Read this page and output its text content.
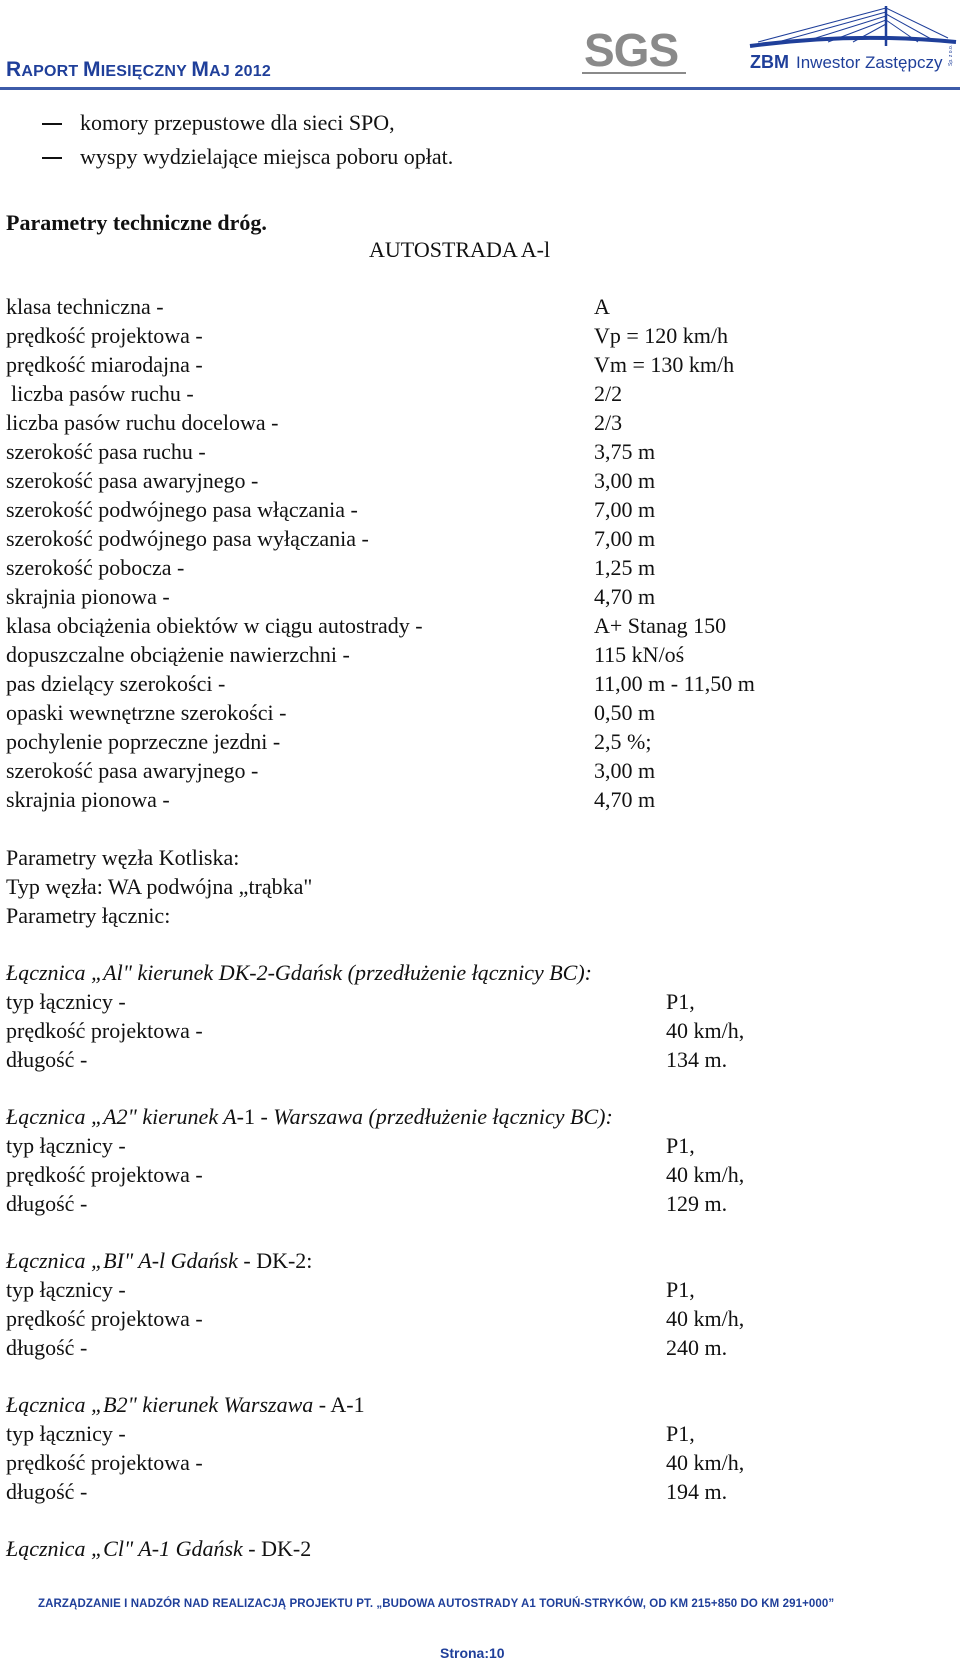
RAPORT MIESIĘCZNY MAJ 2012	SGS	ZBM Inwestor Zastępczy Sp. z o.o.
komory przepustowe dla sieci SPO,
wyspy wydzielające miejsca poboru opłat.
Parametry techniczne dróg.
AUTOSTRADA A-l
klasa techniczna -	A
prędkość projektowa -	Vp = 120 km/h
prędkość miarodajna -	Vm = 130 km/h
liczba pasów ruchu -	2/2
liczba pasów ruchu docelowa -	2/3
szerokość pasa ruchu -	3,75 m
szerokość pasa awaryjnego -	3,00 m
szerokość podwójnego pasa włączania -	7,00 m
szerokość podwójnego pasa wyłączania -	7,00 m
szerokość pobocza -	1,25 m
skrajnia pionowa -	4,70 m
klasa obciążenia obiektów w ciągu autostrady -	A+ Stanag 150
dopuszczalne obciążenie nawierzchni -	115 kN/oś
pas dzielący szerokości -	11,00 m - 11,50 m
opaski wewnętrzne szerokości -	0,50 m
pochylenie poprzeczne jezdni -	2,5 %;
szerokość pasa awaryjnego -	3,00 m
skrajnia pionowa -	4,70 m
Parametry węzła Kotliska:
Typ węzła: WA podwójna „trąbka"
Parametry łącznic:
Łącznica „Al" kierunek DK-2-Gdańsk (przedłużenie łącznicy BC):
typ łącznicy -	P1,
prędkość projektowa -	40 km/h,
długość -	134 m.
Łącznica „A2" kierunek A-1 - Warszawa (przedłużenie łącznicy BC):
typ łącznicy -	P1,
prędkość projektowa -	40 km/h,
długość -	129 m.
Łącznica „BI" A-l Gdańsk - DK-2:
typ łącznicy -	P1,
prędkość projektowa -	40 km/h,
długość -	240 m.
Łącznica „B2" kierunek Warszawa - A-1
typ łącznicy -	P1,
prędkość projektowa -	40 km/h,
długość -	194 m.
Łącznica „Cl" A-1 Gdańsk - DK-2
ZARZĄDZANIE I NADZÓR NAD REALIZACJĄ PROJEKTU PT. „BUDOWA AUTOSTRADY A1 TORUŃ-STRYKÓW, OD KM 215+850 DO KM 291+000”
Strona:10
